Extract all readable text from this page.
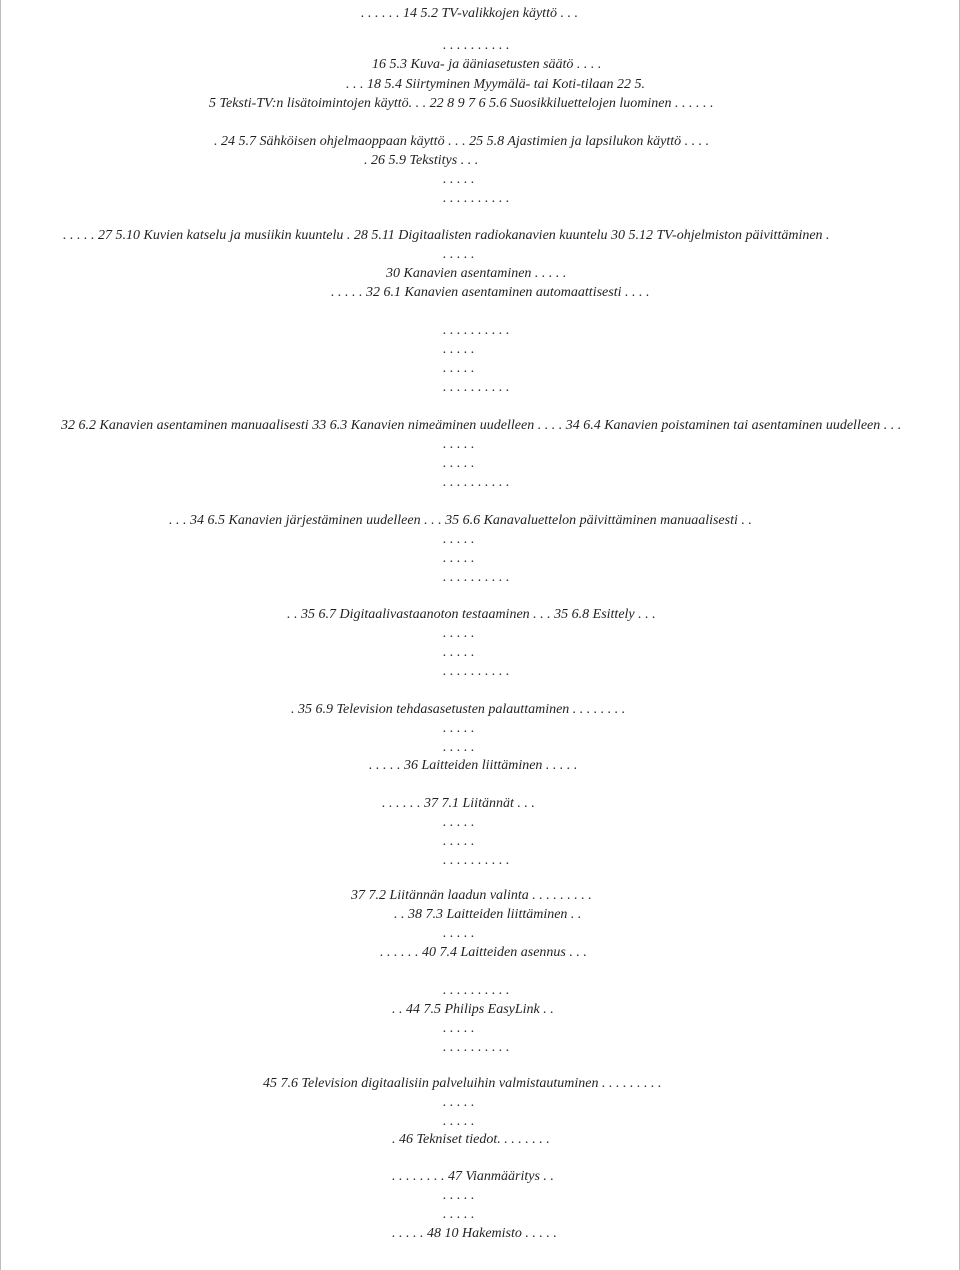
. . . . . . 14 5.2 TV-valikkojen käyttö . . .
. . . . . . . . . .
16 5.3 Kuva- ja ääniasetusten säätö . . . .
. . . 18 5.4 Siirtyminen Myymälä- tai Koti-tilaan 22 5.
5 Teksti-TV:n lisätoimintojen käyttö. . . 22 8 9 7 6 5.6 Suosikkiluettelojen luominen . . . . . .
. 24 5.7 Sähköisen ohjelmaoppaan käyttö . . . 25 5.8 Ajastimien ja lapsilukon käyttö . . . .
. 26 5.9 Tekstitys . . .
. . . . .
. . . . . . . . . .
. . . . . 27 5.10 Kuvien katselu ja musiikin kuuntelu . 28 5.11 Digitaalisten radiokanavien kuuntelu 30 5.12 TV-ohjelmiston päivittäminen .
. . . . .
30 Kanavien asentaminen . . . . .
. . . . . 32 6.1 Kanavien asentaminen automaattisesti . . . .
. . . . . . . . . .
. . . . .
. . . . .
. . . . . . . . . .
32 6.2 Kanavien asentaminen manuaalisesti 33 6.3 Kanavien nimeäminen uudelleen . . . . 34 6.4 Kanavien poistaminen tai asentaminen uudelleen . . .
. . . . .
. . . . .
. . . . . . . . . .
. . . 34 6.5 Kanavien järjestäminen uudelleen . . . 35 6.6 Kanavaluettelon päivittäminen manuaalisesti . .
. . . . .
. . . . .
. . . . . . . . . .
. . 35 6.7 Digitaalivastaanoton testaaminen . . . 35 6.8 Esittely . . .
. . . . .
. . . . .
. . . . . . . . . .
. 35 6.9 Television tehdasasetusten palauttaminen . . . . . . . .
. . . . .
. . . . .
. . . . . 36 Laitteiden liittäminen . . . . .
. . . . . . 37 7.1 Liitännät . . .
. . . . .
. . . . .
. . . . . . . . . .
37 7.2 Liitännän laadun valinta . . . . . . . . .
. . 38 7.3 Laitteiden liittäminen . .
. . . . .
. . . . . . 40 7.4 Laitteiden asennus . . .
. . . . . . . . . .
. . 44 7.5 Philips EasyLink . .
. . . . .
. . . . . . . . . .
45 7.6 Television digitaalisiin palveluihin valmistautuminen . . . . . . . . .
. . . . .
. . . . .
. 46 Tekniset tiedot. . . . . . . .
. . . . . . . . 47 Vianmääritys . .
. . . . .
. . . . .
. . . . . 48 10 Hakemisto . . . . .
